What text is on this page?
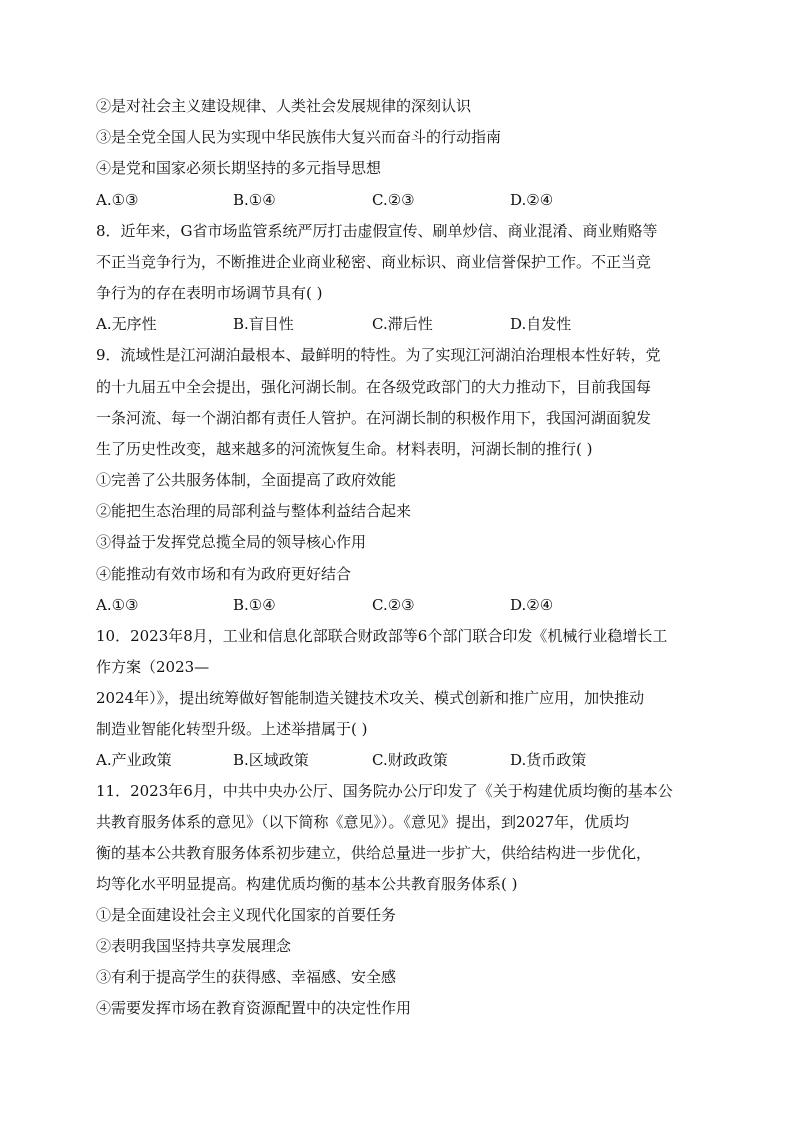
②是对社会主义建设规律、人类社会发展规律的深刻认识
③是全党全国人民为实现中华民族伟大复兴而奋斗的行动指南
④是党和国家必须长期坚持的多元指导思想
A.①③	B.①④	C.②③	D.②④
8．近年来，G省市场监管系统严厉打击虚假宣传、刷单炒信、商业混淆、商业贿赂等
不正当竞争行为，不断推进企业商业秘密、商业标识、商业信誉保护工作。不正当竞
争行为的存在表明市场调节具有( )
A.无序性	B.盲目性	C.滞后性	D.自发性
9．流域性是江河湖泊最根本、最鲜明的特性。为了实现江河湖泊治理根本性好转，党
的十九届五中全会提出，强化河湖长制。在各级党政部门的大力推动下，目前我国每
一条河流、每一个湖泊都有责任人管护。在河湖长制的积极作用下，我国河湖面貌发
生了历史性改变，越来越多的河流恢复生命。材料表明，河湖长制的推行( )
①完善了公共服务体制，全面提高了政府效能
②能把生态治理的局部利益与整体利益结合起来
③得益于发挥党总揽全局的领导核心作用
④能推动有效市场和有为政府更好结合
A.①③	B.①④	C.②③	D.②④
10．2023年8月，工业和信息化部联合财政部等6个部门联合印发《机械行业稳增长工
作方案（2023—
2024年）》，提出统筹做好智能制造关键技术攻关、模式创新和推广应用，加快推动
制造业智能化转型升级。上述举措属于( )
A.产业政策	B.区域政策	C.财政政策	D.货币政策
11．2023年6月，中共中央办公厅、国务院办公厅印发了《关于构建优质均衡的基本公
共教育服务体系的意见》（以下简称《意见》）。《意见》提出，到2027年，优质均
衡的基本公共教育服务体系初步建立，供给总量进一步扩大，供给结构进一步优化，
均等化水平明显提高。构建优质均衡的基本公共教育服务体系( )
①是全面建设社会主义现代化国家的首要任务
②表明我国坚持共享发展理念
③有利于提高学生的获得感、幸福感、安全感
④需要发挥市场在教育资源配置中的决定性作用
